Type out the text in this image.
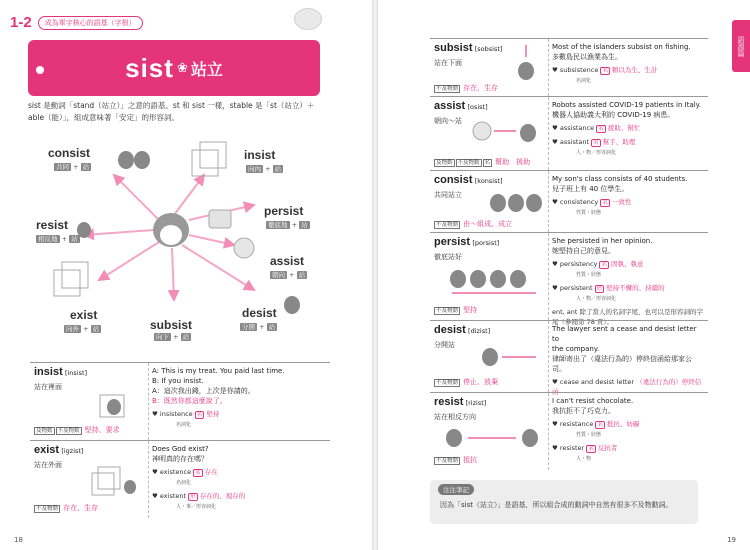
1-2	成為單字核心的語基（字根）
sist ❀ 站立
sist 是動詞「stand（站立）」之意的語基。st 和 sist 一樣，stable 是「st（站立）＋able（能）」，組成意味著「安定」的形容詞。
consist
共同 + 站
insist
向內 + 站
resist
相反地 + 站
persist
徹底地 + 站
assist
朝向 + 站
exist
向外 + 站	subsist
向下 + 站
desist
分開 + 站
insist [insist]
站在裡面
及物動 不及物動 堅持、要求
A: This is my treat. You paid last time.
B: If you insist.
A：這次我出錢，上次是你請的。
B：既然你都這麼說了。
♥ insistence 名 堅持
名詞化
exist [igzist]
站在外面
不及物動 存在、生存
Does God exist?
神明真的存在嗎？
♥ existence 名 存在
名詞化
♥ existent 形 存在的、現存的
人・事／形容詞化
18
語源篇
subsist [sobsist]
站在下面
不及物動 存在、生存
Most of the islanders subsist on fishing.
多數島民以漁業為生。
♥ subsistence 名 賴以為生、生計
名詞化
assist [osist]
朝向〜站
及物動 不及物動 名 幫助　援助
Robots assisted COVID-19 patients in Italy.
機器人協助義大利的 COVID-19 病患。
♥ assistance 名 援助、幫忙
♥ assistant 名 幫手、助理
人・物／形容詞化
consist [konsist]
共同站立
不及物動 由～組成、成立
My son's class consists of 40 students.
兒子班上有 40 位學生。
♥ consistency 名 一致性
性質・狀態
persist [porsist]
徹底站好
不及物動 堅持
She persisted in her opinion.
她堅持自己的意見。
♥ persistency 名 固執、執意
性質・狀態
♥ persistent 形 堅持不懈的、持續的
人・物／形容詞化
ent, ant 除了當人的名詞字尾，也可以是形容詞的字尾（參閱第 78 頁）。
desist [dizist]
分開站
不及物動 停止、放棄
The lawyer sent a cease and desist letter to
the company.
律師寄出了（違法行為的）停終信函給那家公
司。
♥ cease and desist letter （違法行為的）停終信函
resist [rizist]
站在相反方向
不及物動 抵抗
I can't resist chocolate.
我抗拒不了巧克力。
♥ resistance 名 抵抗、妨礙
性質・狀態
♥ resister 名 反抗者
人・物
注注筆記
因為「sist（站立）」是語基，所以組合成的動詞中自然有很多不及物動詞。
19
